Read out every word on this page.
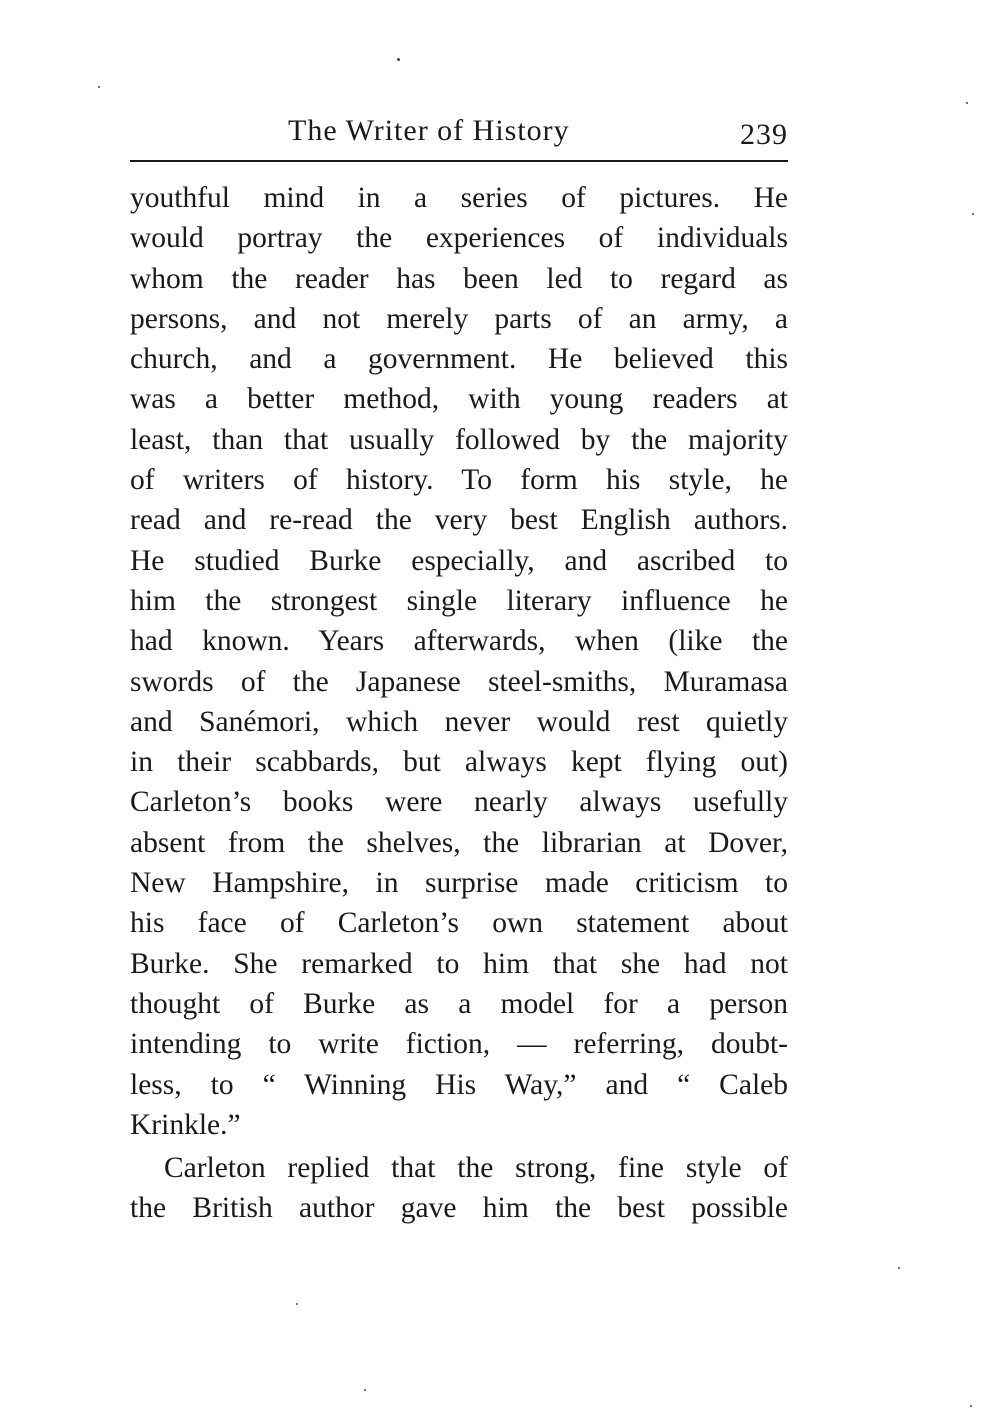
The Writer of History	239
youthful mind in a series of pictures. He
would portray the experiences of individuals
whom the reader has been led to regard as
persons, and not merely parts of an army, a
church, and a government. He believed this
was a better method, with young readers at
least, than that usually followed by the majority
of writers of history. To form his style, he
read and re-read the very best English authors.
He studied Burke especially, and ascribed to
him the strongest single literary influence he
had known. Years afterwards, when (like the
swords of the Japanese steel-smiths, Muramasa
and Sanémori, which never would rest quietly
in their scabbards, but always kept flying out)
Carleton’s books were nearly always usefully
absent from the shelves, the librarian at Dover,
New Hampshire, in surprise made criticism to
his face of Carleton’s own statement about
Burke. She remarked to him that she had not
thought of Burke as a model for a person
intending to write fiction, — referring, doubt-
less, to “ Winning His Way,” and “ Caleb
Krinkle.”
Carleton replied that the strong, fine style of
the British author gave him the best possible
